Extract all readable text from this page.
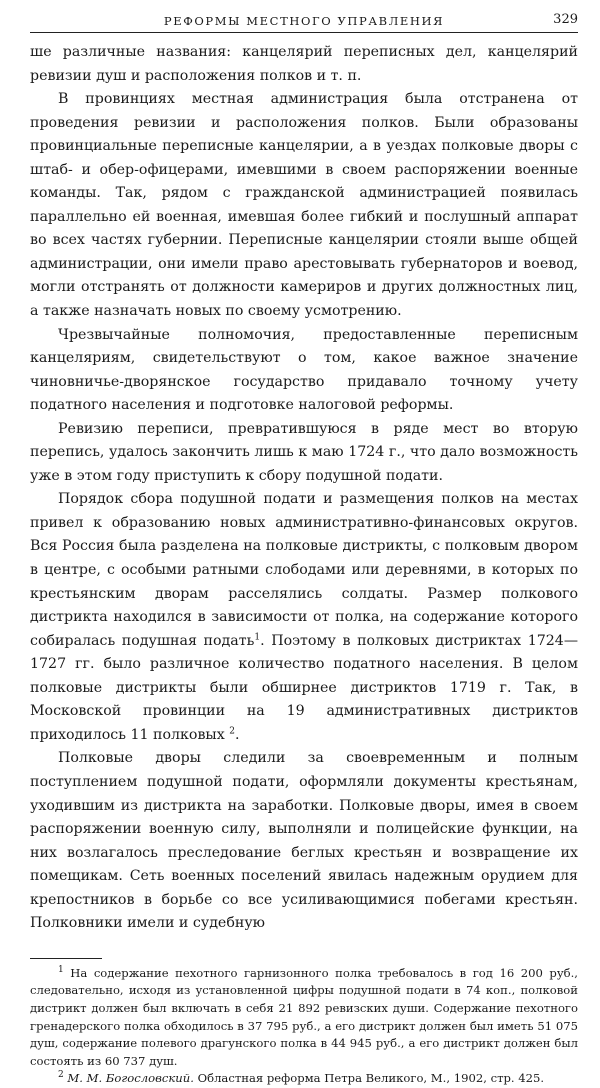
РЕФОРМЫ МЕСТНОГО УПРАВЛЕНИЯ	329

ше различные названия: канцелярий переписных дел, канцелярий ревизии душ и расположения полков и т. п.

В провинциях местная администрация была отстранена от проведения ревизии и расположения полков. Были образованы провинциальные переписные канцелярии, а в уездах полковые дворы с штаб- и обер-офицерами, имевшими в своем распоряжении военные команды. Так, рядом с гражданской администрацией появилась параллельно ей военная, имевшая более гибкий и послушный аппарат во всех частях губернии. Переписные канцелярии стояли выше общей администрации, они имели право арестовывать губернаторов и воевод, могли отстранять от должности камериров и других должностных лиц, а также назначать новых по своему усмотрению.

Чрезвычайные полномочия, предоставленные переписным канцеляриям, свидетельствуют о том, какое важное значение чиновничье-дворянское государство придавало точному учету податного населения и подготовке налоговой реформы.

Ревизию переписи, превратившуюся в ряде мест во вторую перепись, удалось закончить лишь к маю 1724 г., что дало возможность уже в этом году приступить к сбору подушной подати.

Порядок сбора подушной подати и размещения полков на местах привел к образованию новых административно-финансовых округов. Вся Россия была разделена на полковые дистрикты, с полковым двором в центре, с особыми ратными слободами или деревнями, в которых по крестьянским дворам расселялись солдаты. Размер полкового дистрикта находился в зависимости от полка, на содержание которого собиралась подушная подать$^1$. Поэтому в полковых дистриктах 1724—1727 гг. было различное количество податного населения. В целом полковые дистрикты были обширнее дистриктов 1719 г. Так, в Московской провинции на 19 административных дистриктов приходилось 11 полковых $^2$.

Полковые дворы следили за своевременным и полным поступлением подушной подати, оформляли документы крестьянам, уходившим из дистрикта на заработки. Полковые дворы, имея в своем распоряжении военную силу, выполняли и полицейские функции, на них возлагалось преследование беглых крестьян и возвращение их помещикам. Сеть военных поселений явилась надежным орудием для крепостников в борьбе со все усиливающимися побегами крестьян. Полковники имели и судебную

$^1$ На содержание пехотного гарнизонного полка требовалось в год 16 200 руб., следовательно, исходя из установленной цифры подушной подати в 74 коп., полковой дистрикт должен был включать в себя 21 892 ревизских души. Содержание пехотного гренадерского полка обходилось в 37 795 руб., а его дистрикт должен был иметь 51 075 душ, содержание полевого драгунского полка в 44 945 руб., а его дистрикт должен был состоять из 60 737 душ.

$^2$ М. М. Богословский. Областная реформа Петра Великого, М., 1902, стр. 425.
